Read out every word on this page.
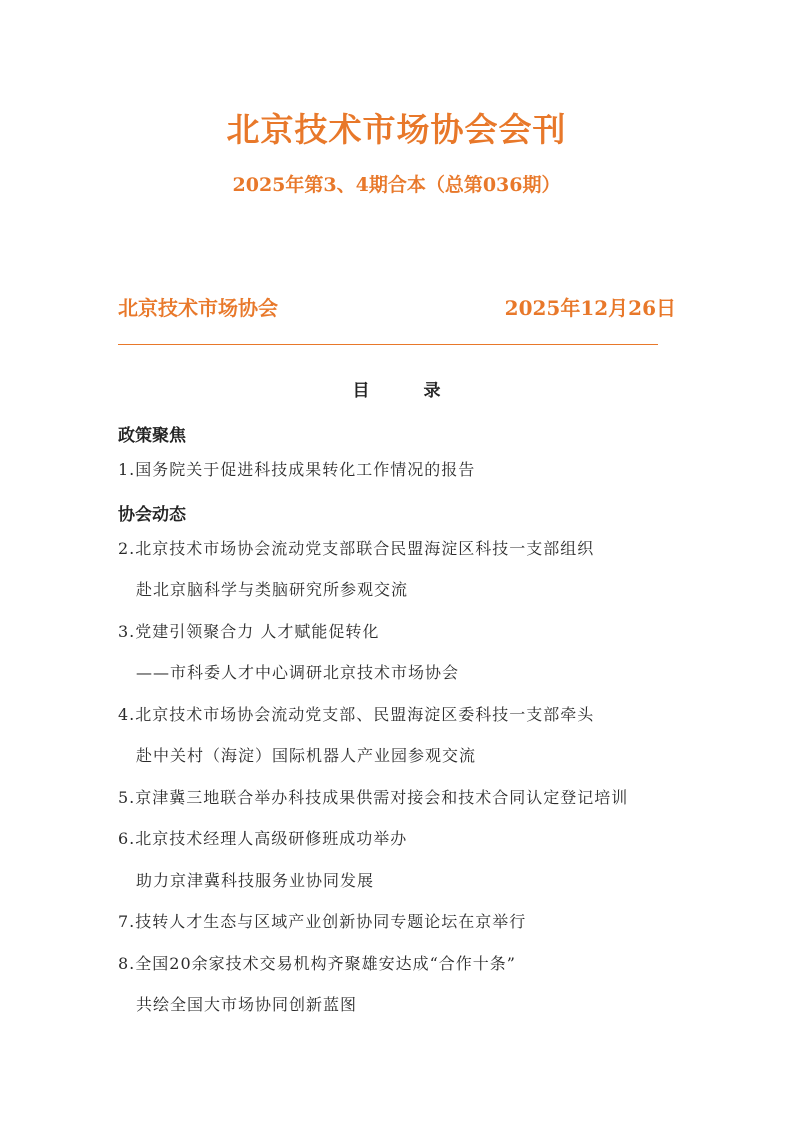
北京技术市场协会会刊
2025年第3、4期合本（总第036期）
北京技术市场协会	2025年12月26日
目 录
政策聚焦
1.国务院关于促进科技成果转化工作情况的报告
协会动态
2.北京技术市场协会流动党支部联合民盟海淀区科技一支部组织
赴北京脑科学与类脑研究所参观交流
3.党建引领聚合力 人才赋能促转化
——市科委人才中心调研北京技术市场协会
4.北京技术市场协会流动党支部、民盟海淀区委科技一支部牵头
赴中关村（海淀）国际机器人产业园参观交流
5.京津冀三地联合举办科技成果供需对接会和技术合同认定登记培训
6.北京技术经理人高级研修班成功举办
助力京津冀科技服务业协同发展
7.技转人才生态与区域产业创新协同专题论坛在京举行
8.全国20余家技术交易机构齐聚雄安达成“合作十条”
共绘全国大市场协同创新蓝图
